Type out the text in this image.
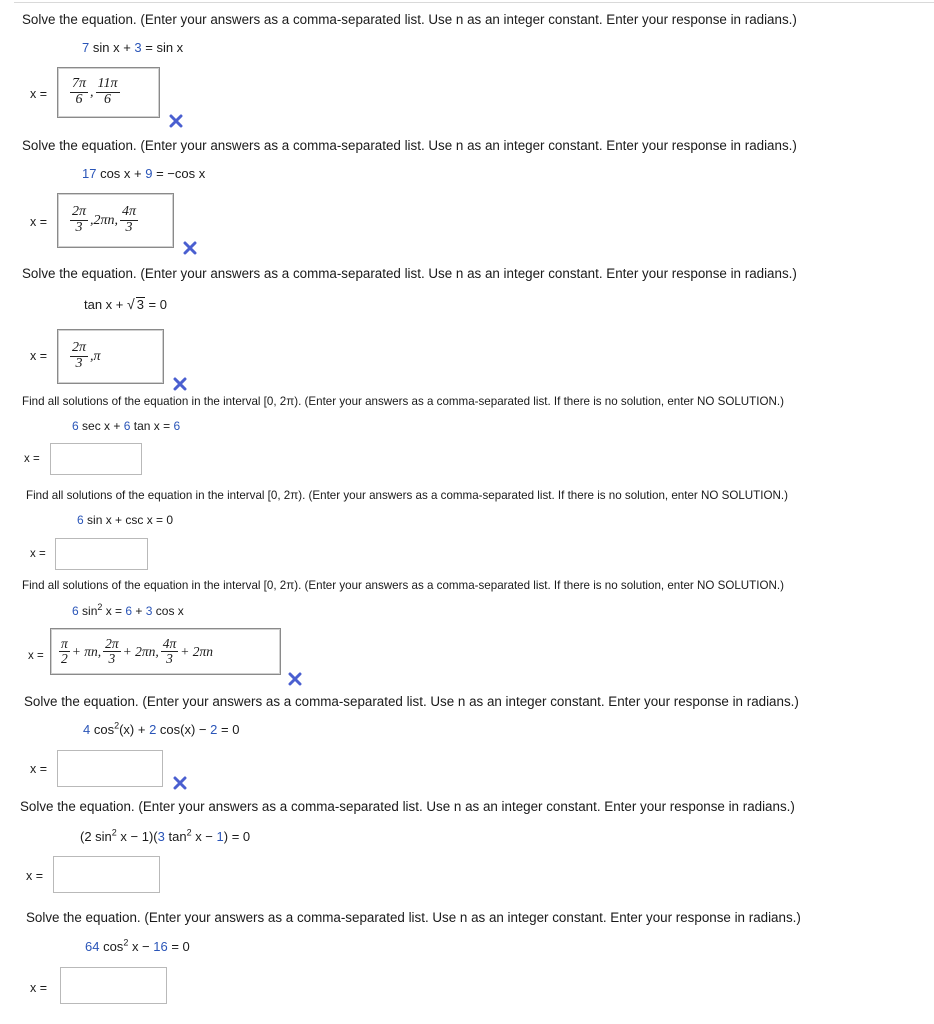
Solve the equation. (Enter your answers as a comma-separated list. Use n as an integer constant. Enter your response in radians.)
7 sin x + 3 = sin x
$x = \frac{7\pi}{6}$ , $\frac{11\pi}{6}$
Solve the equation. (Enter your answers as a comma-separated list. Use n as an integer constant. Enter your response in radians.)
17 cos x + 9 = −cos x
$x = \frac{2\pi}{3}$ , 2πn , $\frac{4\pi}{3}$
Solve the equation. (Enter your answers as a comma-separated list. Use n as an integer constant. Enter your response in radians.)
tan x + √ 3 = 0
$x = \frac{2\pi}{3}$ , π
Find all solutions of the equation in the interval [0, 2π). (Enter your answers as a comma-separated list. If there is no solution, enter NO SOLUTION.)
6 sec x + 6 tan x = 6
x =
Find all solutions of the equation in the interval [0, 2π). (Enter your answers as a comma-separated list. If there is no solution, enter NO SOLUTION.)
6 sin x + csc x = 0
x =
Find all solutions of the equation in the interval [0, 2π). (Enter your answers as a comma-separated list. If there is no solution, enter NO SOLUTION.)
6 $\sin^2 x = 6 + 3$ cos x
$x = \frac{\pi}{2} + \pi n$, $\frac{2\pi}{3} + 2\pi n$, $\frac{4\pi}{3} + 2\pi n$
Solve the equation. (Enter your answers as a comma-separated list. Use n as an integer constant. Enter your response in radians.)
4 $\cos^2(x) + 2$ cos(x) − 2 = 0
x =
Solve the equation. (Enter your answers as a comma-separated list. Use n as an integer constant. Enter your response in radians.)
(2 $\sin^2 x - 1)(3$ $\tan^2 x - 1) = 0$
x =
Solve the equation. (Enter your answers as a comma-separated list. Use n as an integer constant. Enter your response in radians.)
64 $\cos^2 x - 16 = 0$
x =
